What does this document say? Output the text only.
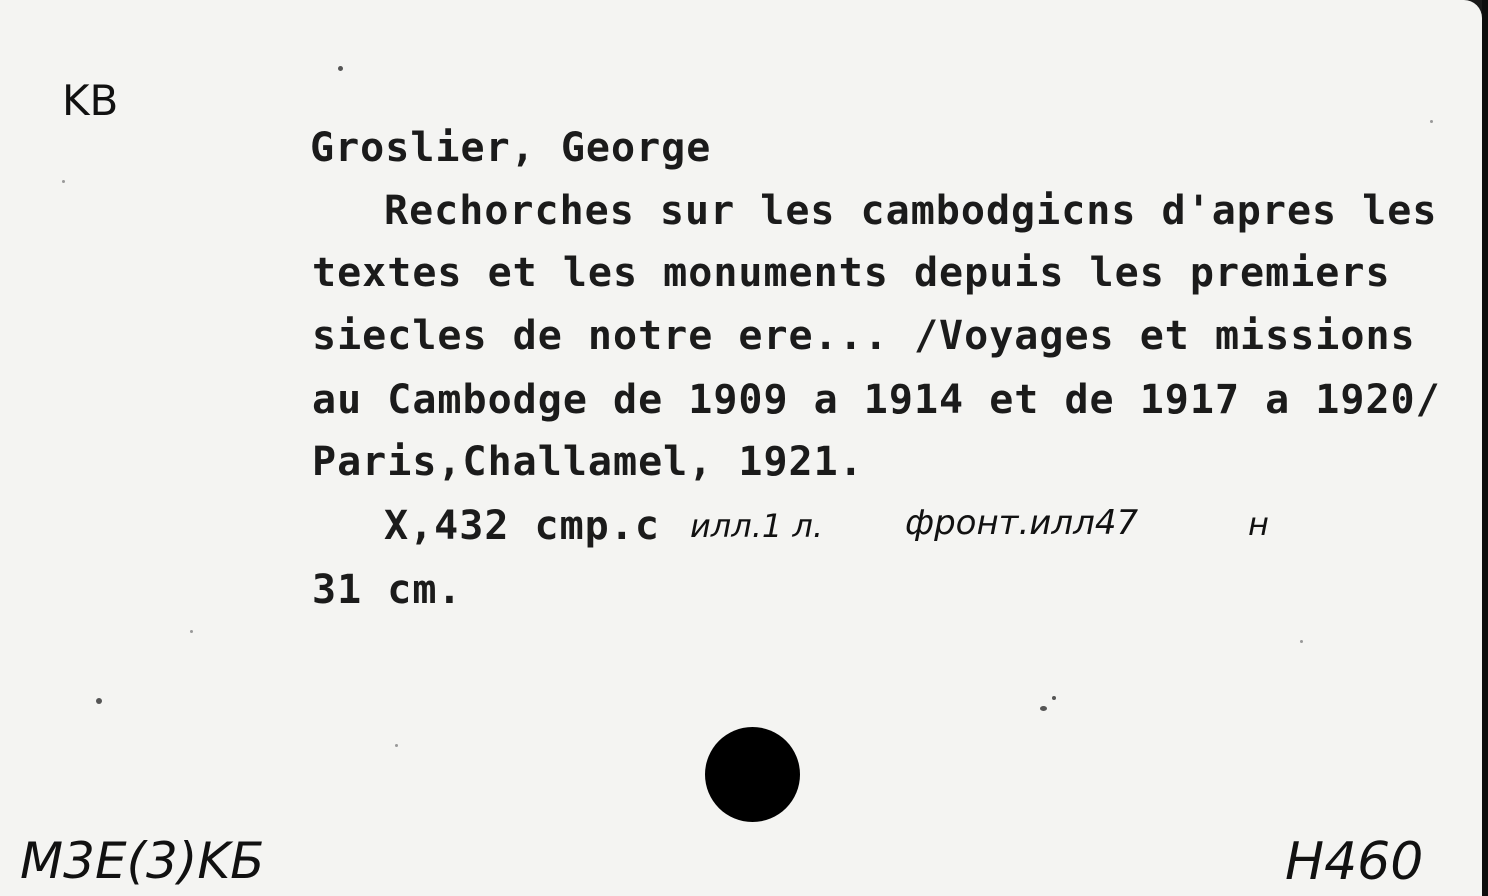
KB
Groslier, George
Rechorches sur les cambodgicns d'apres les
textes et les monuments depuis les premiers
siecles de notre ere... /Voyages et missions
au Cambodge de 1909 a 1914 et de 1917 a 1920/
Paris,Challamel, 1921.
X,432 cmp.c илл.1 л. фронт.илл47	н
31 cm.
M3E(3)KБ	H460
